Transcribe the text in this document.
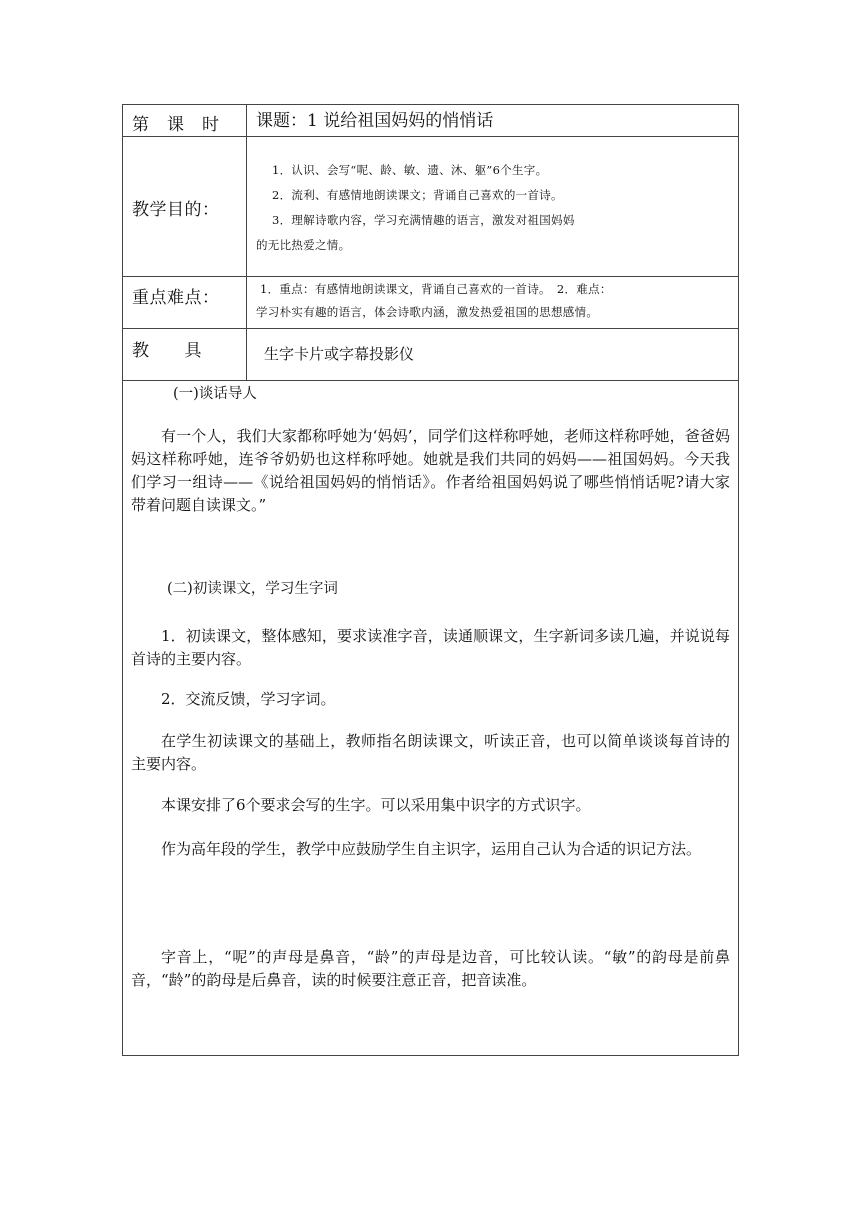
第　课　时 课题：1 说给祖国妈妈的悄悄话
教学目的：
1．认识、会写“呢、龄、敏、遗、沐、躯”6个生字。
2．流利、有感情地朗读课文；背诵自己喜欢的一首诗。
3．理解诗歌内容，学习充满情趣的语言，激发对祖国妈妈
的无比热爱之情。
重点难点：	1．重点：有感情地朗读课文，背诵自己喜欢的一首诗。　2．难点：
学习朴实有趣的语言，体会诗歌内涵，激发热爱祖国的思想感情。
教　　具	生字卡片或字幕投影仪
(一)谈话导人
有一个人，我们大家都称呼她为‘妈妈’，同学们这样称呼她，老师这样称呼她，爸爸妈妈这样称呼她，连爷爷奶奶也这样称呼她。她就是我们共同的妈妈——祖国妈妈。今天我们学习一组诗——《说给祖国妈妈的悄悄话》。作者给祖国妈妈说了哪些悄悄话呢?请大家带着问题自读课文。”
(二)初读课文，学习生字词
1．初读课文，整体感知，要求读准字音，读通顺课文，生字新词多读几遍，并说说每首诗的主要内容。
2．交流反馈，学习字词。
在学生初读课文的基础上，教师指名朗读课文，听读正音，也可以简单谈谈每首诗的主要内容。
本课安排了6个要求会写的生字。可以采用集中识字的方式识字。
作为高年段的学生，教学中应鼓励学生自主识字，运用自己认为合适的识记方法。
字音上，“呢”的声母是鼻音，“龄”的声母是边音，可比较认读。“敏”的韵母是前鼻音，“龄”的韵母是后鼻音，读的时候要注意正音，把音读准。
